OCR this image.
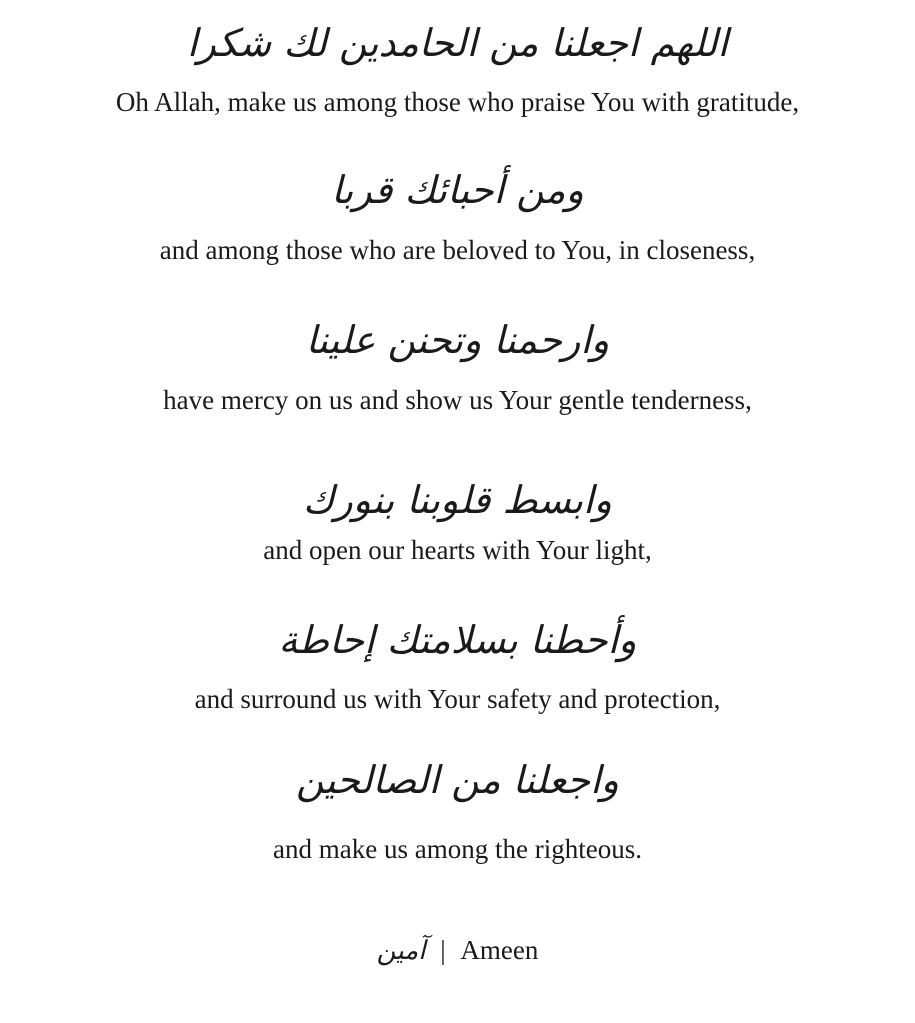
اللهم اجعلنا من الحامدين لك شكرا
Oh Allah, make us among those who praise You with gratitude,
ومن أحبائك قربا
and among those who are beloved to You, in closeness,
وارحمنا وتحنن علينا
have mercy on us and show us Your gentle tenderness,
وابسط قلوبنا بنورك
and open our hearts with Your light,
وأحطنا بسلامتك إحاطة
and surround us with Your safety and protection,
واجعلنا من الصالحين
and make us among the righteous.
آمين | Ameen
